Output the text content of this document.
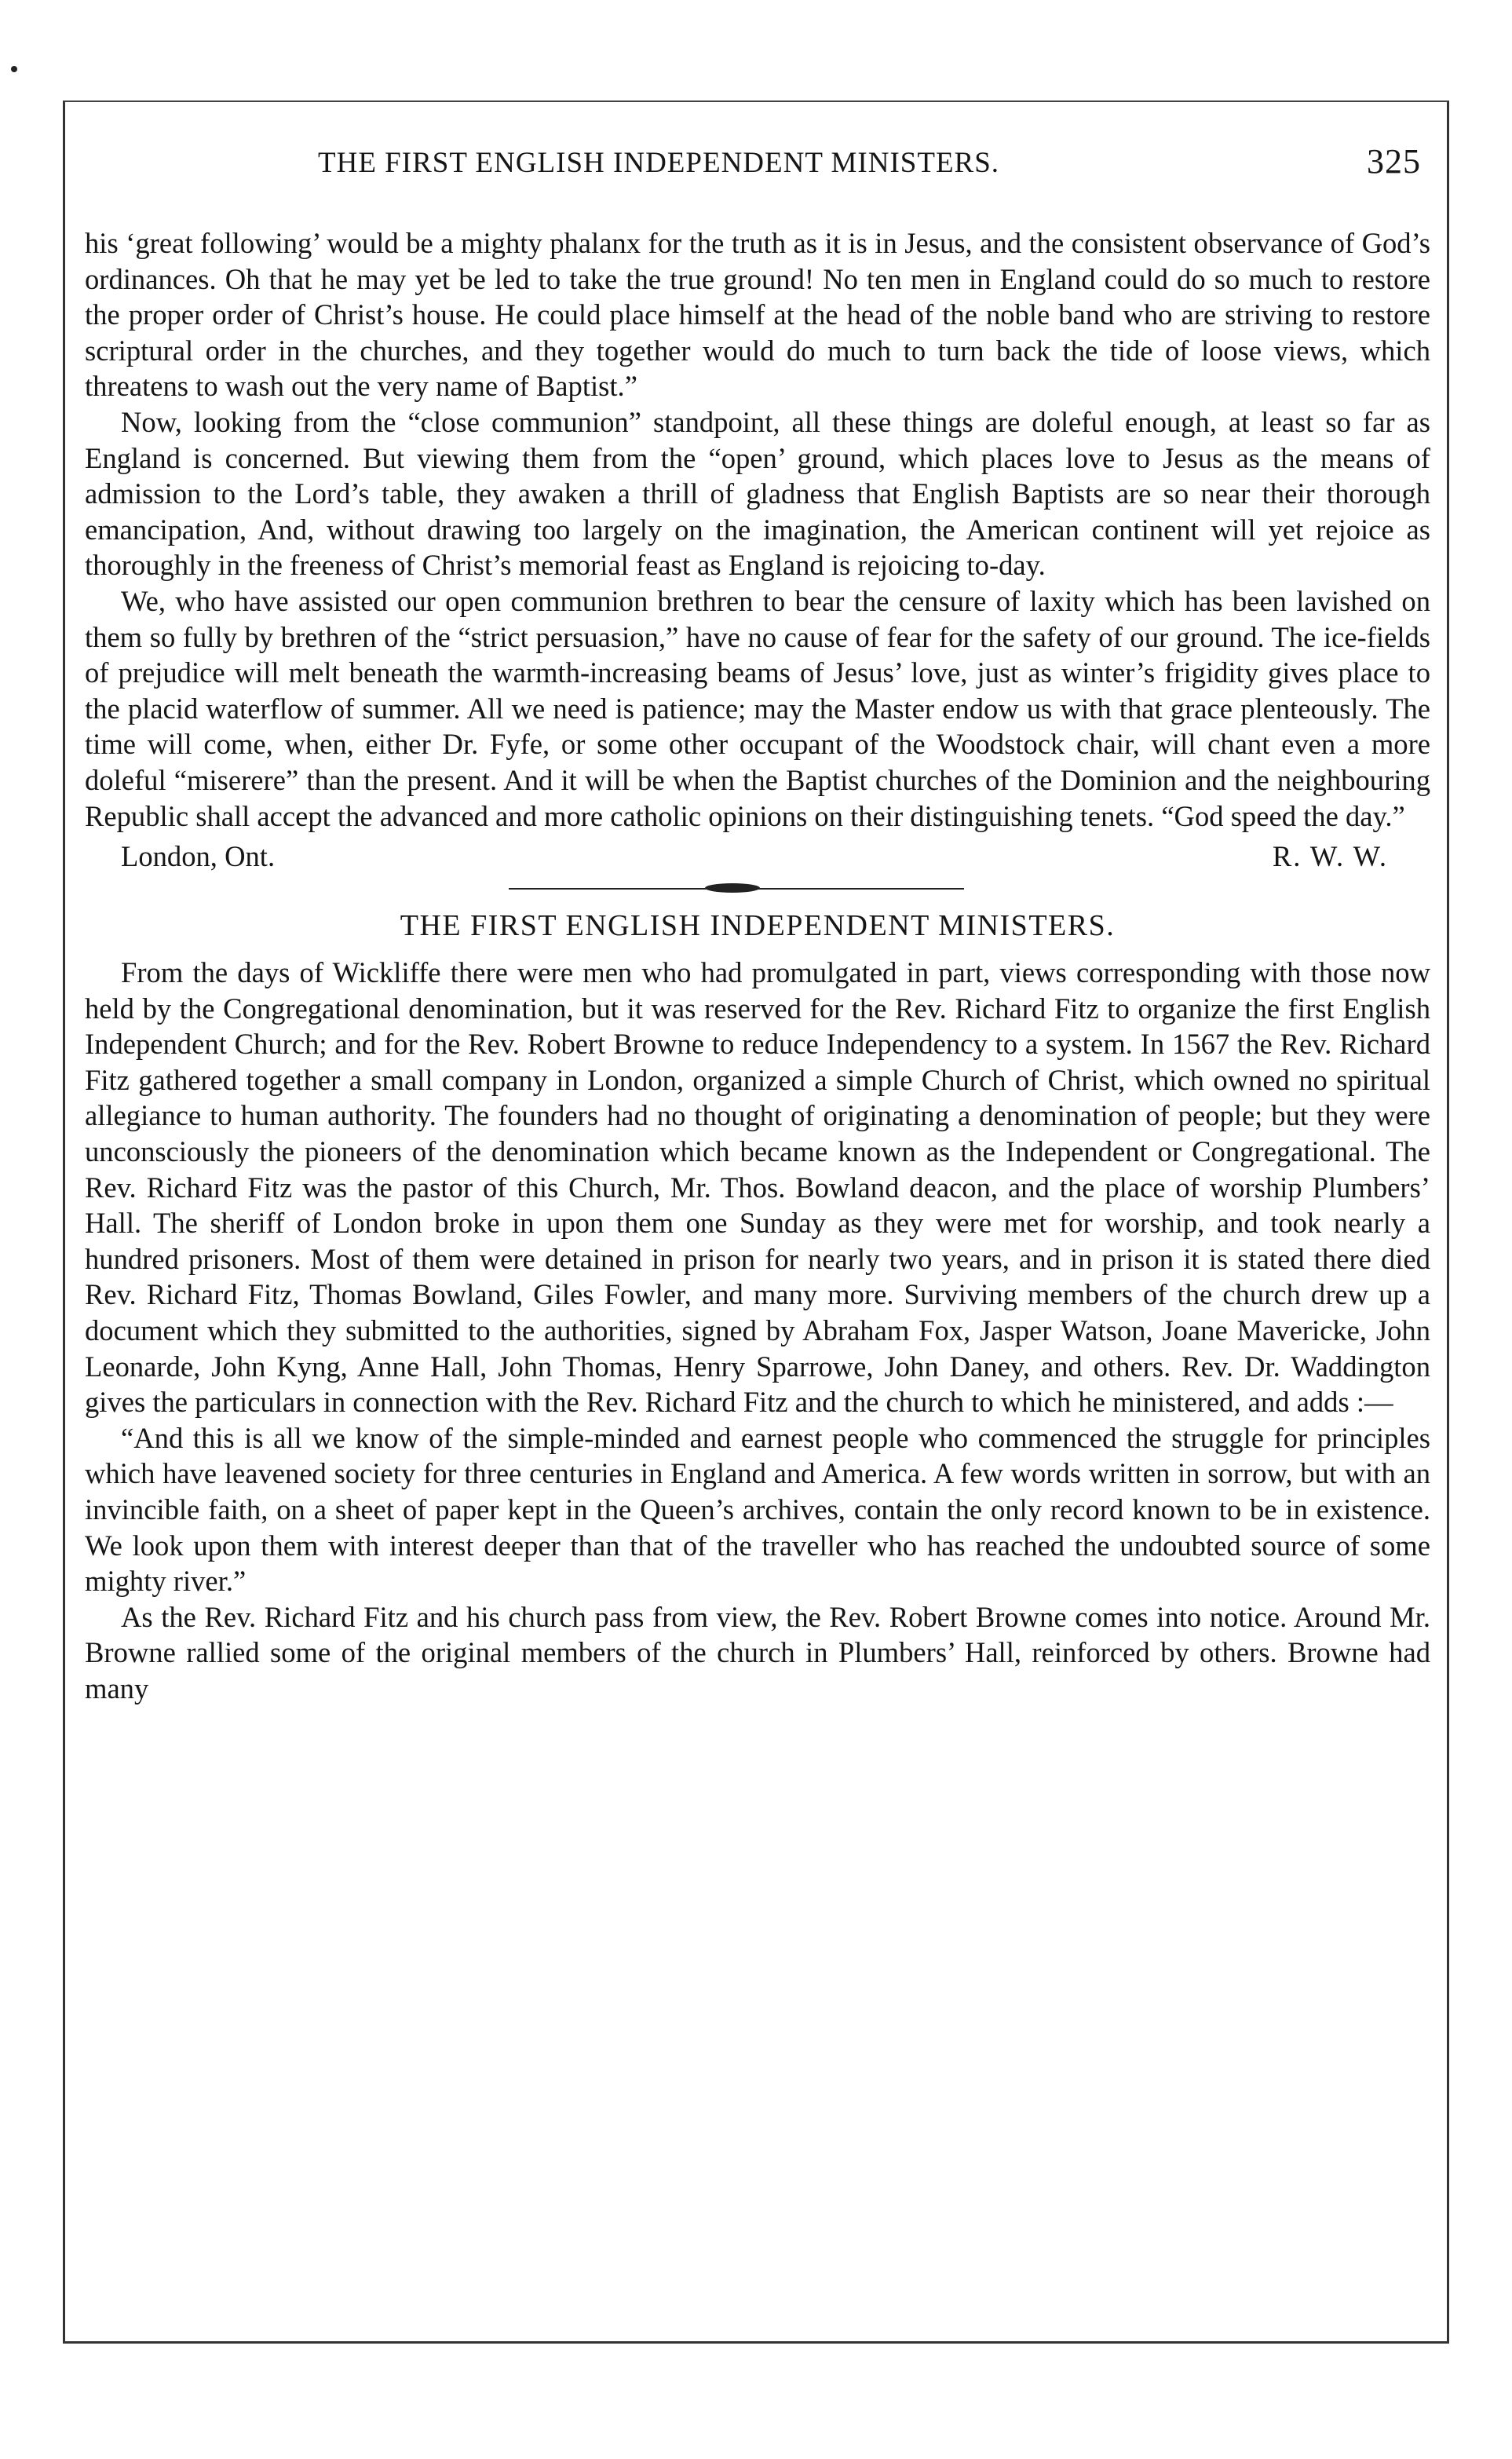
THE FIRST ENGLISH INDEPENDENT MINISTERS.	325

his ‘great following’ would be a mighty phalanx for the truth as it is in Jesus, and the consistent observance of God’s ordinances. Oh that he may yet be led to take the true ground! No ten men in England could do so much to restore the proper order of Christ’s house. He could place himself at the head of the noble band who are striving to restore scriptural order in the churches, and they together would do much to turn back the tide of loose views, which threatens to wash out the very name of Baptist.”

Now, looking from the “close communion” standpoint, all these things are doleful enough, at least so far as England is concerned. But viewing them from the “open’ ground, which places love to Jesus as the means of admission to the Lord’s table, they awaken a thrill of gladness that English Baptists are so near their thorough emancipation, And, without drawing too largely on the imagination, the American continent will yet rejoice as thoroughly in the freeness of Christ’s memorial feast as England is rejoicing to-day.

We, who have assisted our open communion brethren to bear the censure of laxity which has been lavished on them so fully by brethren of the “strict persuasion,” have no cause of fear for the safety of our ground. The ice-fields of prejudice will melt beneath the warmth-increasing beams of Jesus’ love, just as winter’s frigidity gives place to the placid waterflow of summer. All we need is patience; may the Master endow us with that grace plenteously. The time will come, when, either Dr. Fyfe, or some other occupant of the Woodstock chair, will chant even a more doleful “miserere” than the present. And it will be when the Baptist churches of the Dominion and the neighbouring Republic shall accept the advanced and more catholic opinions on their distinguishing tenets. “God speed the day.”

London, Ont.	R. W. W.
THE FIRST ENGLISH INDEPENDENT MINISTERS.

From the days of Wickliffe there were men who had promulgated in part, views corresponding with those now held by the Congregational denomination, but it was reserved for the Rev. Richard Fitz to organize the first English Independent Church; and for the Rev. Robert Browne to reduce Independency to a system. In 1567 the Rev. Richard Fitz gathered together a small company in London, organized a simple Church of Christ, which owned no spiritual allegiance to human authority. The founders had no thought of originating a denomination of people; but they were unconsciously the pioneers of the denomination which became known as the Independent or Congregational. The Rev. Richard Fitz was the pastor of this Church, Mr. Thos. Bowland deacon, and the place of worship Plumbers’ Hall. The sheriff of London broke in upon them one Sunday as they were met for worship, and took nearly a hundred prisoners. Most of them were detained in prison for nearly two years, and in prison it is stated there died Rev. Richard Fitz, Thomas Bowland, Giles Fowler, and many more. Surviving members of the church drew up a document which they submitted to the authorities, signed by Abraham Fox, Jasper Watson, Joane Mavericke, John Leonarde, John Kyng, Anne Hall, John Thomas, Henry Sparrowe, John Daney, and others. Rev. Dr. Waddington gives the particulars in connection with the Rev. Richard Fitz and the church to which he ministered, and adds :—

“And this is all we know of the simple-minded and earnest people who commenced the struggle for principles which have leavened society for three centuries in England and America. A few words written in sorrow, but with an invincible faith, on a sheet of paper kept in the Queen’s archives, contain the only record known to be in existence. We look upon them with interest deeper than that of the traveller who has reached the undoubted source of some mighty river.”

As the Rev. Richard Fitz and his church pass from view, the Rev. Robert Browne comes into notice. Around Mr. Browne rallied some of the original members of the church in Plumbers’ Hall, reinforced by others. Browne had many
